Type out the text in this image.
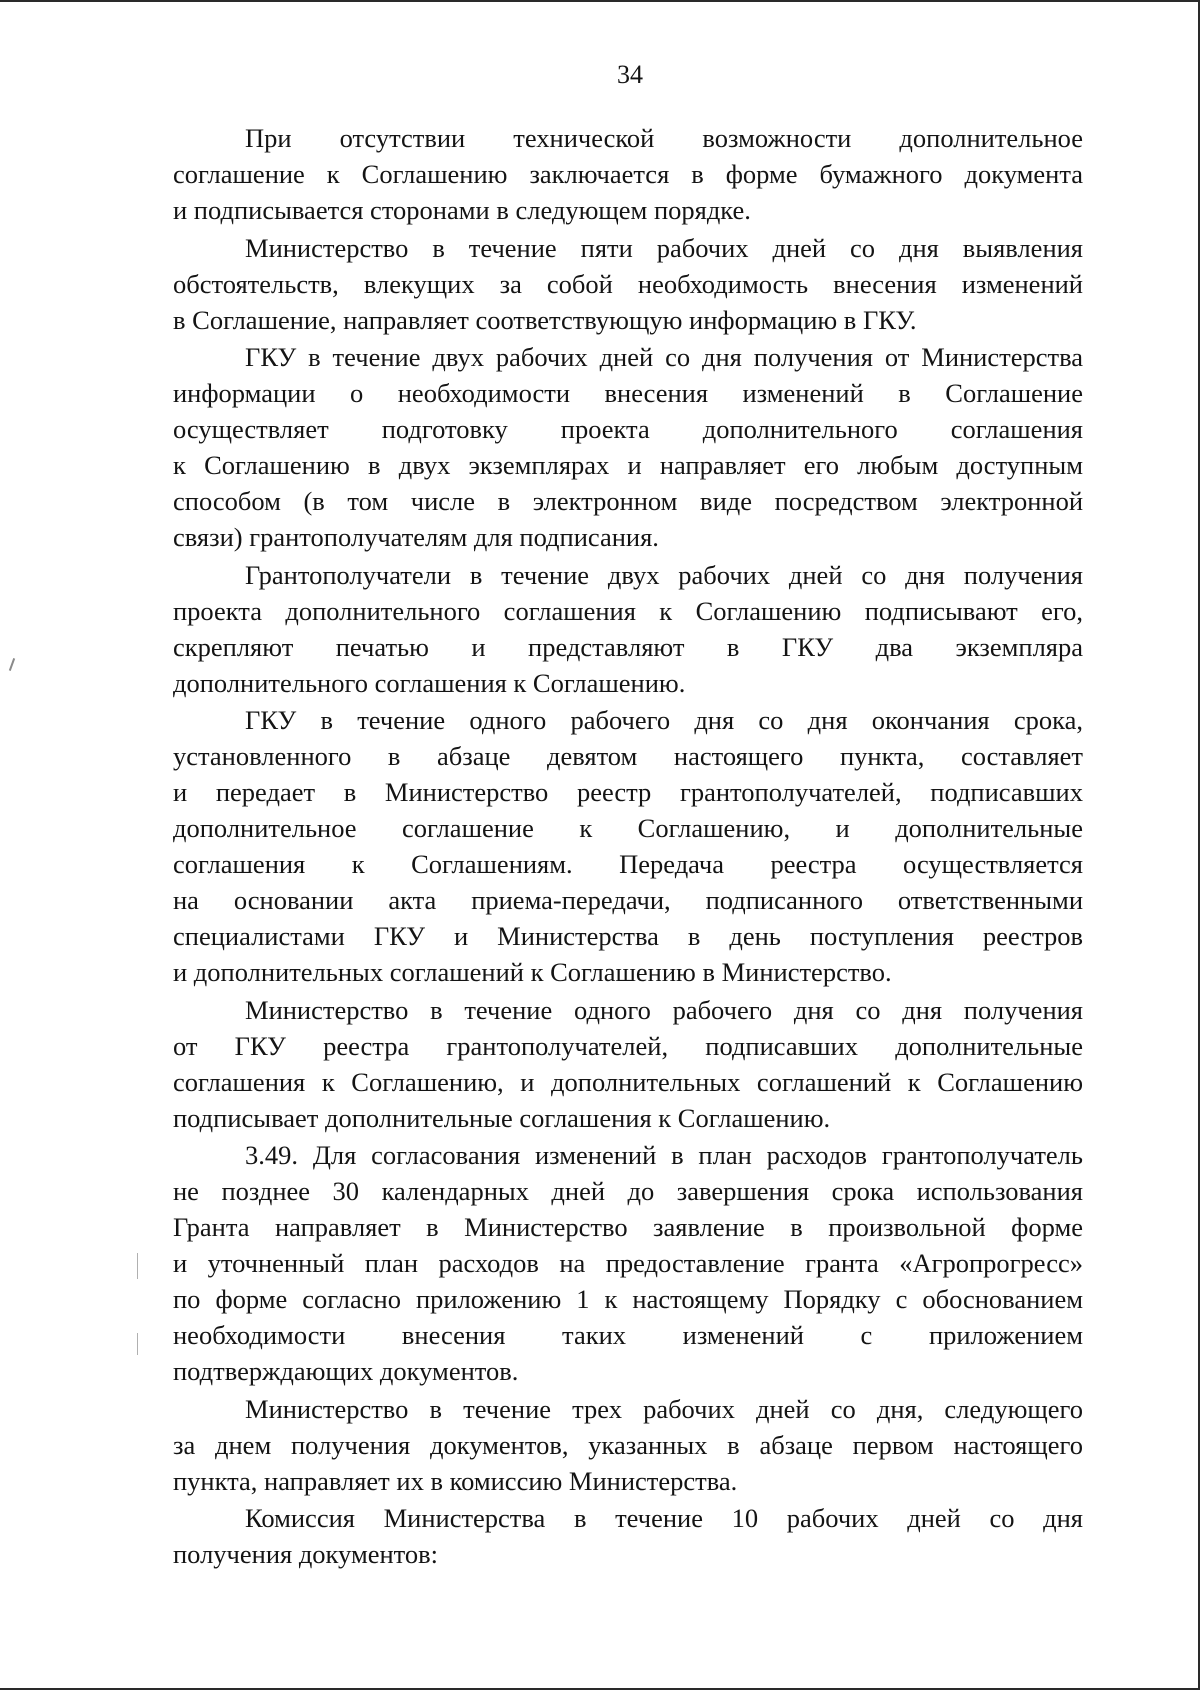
34
При отсутствии технической возможности дополнительное
соглашение к Соглашению заключается в форме бумажного документа
и подписывается сторонами в следующем порядке.
Министерство в течение пяти рабочих дней со дня выявления
обстоятельств, влекущих за собой необходимость внесения изменений
в Соглашение, направляет соответствующую информацию в ГКУ.
ГКУ в течение двух рабочих дней со дня получения от Министерства
информации о необходимости внесения изменений в Соглашение
осуществляет подготовку проекта дополнительного соглашения
к Соглашению в двух экземплярах и направляет его любым доступным
способом (в том числе в электронном виде посредством электронной
связи) грантополучателям для подписания.
Грантополучатели в течение двух рабочих дней со дня получения
проекта дополнительного соглашения к Соглашению подписывают его,
скрепляют печатью и представляют в ГКУ два экземпляра
дополнительного соглашения к Соглашению.
ГКУ в течение одного рабочего дня со дня окончания срока,
установленного в абзаце девятом настоящего пункта, составляет
и передает в Министерство реестр грантополучателей, подписавших
дополнительное соглашение к Соглашению, и дополнительные
соглашения к Соглашениям. Передача реестра осуществляется
на основании акта приема-передачи, подписанного ответственными
специалистами ГКУ и Министерства в день поступления реестров
и дополнительных соглашений к Соглашению в Министерство.
Министерство в течение одного рабочего дня со дня получения
от ГКУ реестра грантополучателей, подписавших дополнительные
соглашения к Соглашению, и дополнительных соглашений к Соглашению
подписывает дополнительные соглашения к Соглашению.
3.49. Для согласования изменений в план расходов грантополучатель
не позднее 30 календарных дней до завершения срока использования
Гранта направляет в Министерство заявление в произвольной форме
и уточненный план расходов на предоставление гранта «Агропрогресс»
по форме согласно приложению 1 к настоящему Порядку с обоснованием
необходимости внесения таких изменений с приложением
подтверждающих документов.
Министерство в течение трех рабочих дней со дня, следующего
за днем получения документов, указанных в абзаце первом настоящего
пункта, направляет их в комиссию Министерства.
Комиссия Министерства в течение 10 рабочих дней со дня
получения документов:
